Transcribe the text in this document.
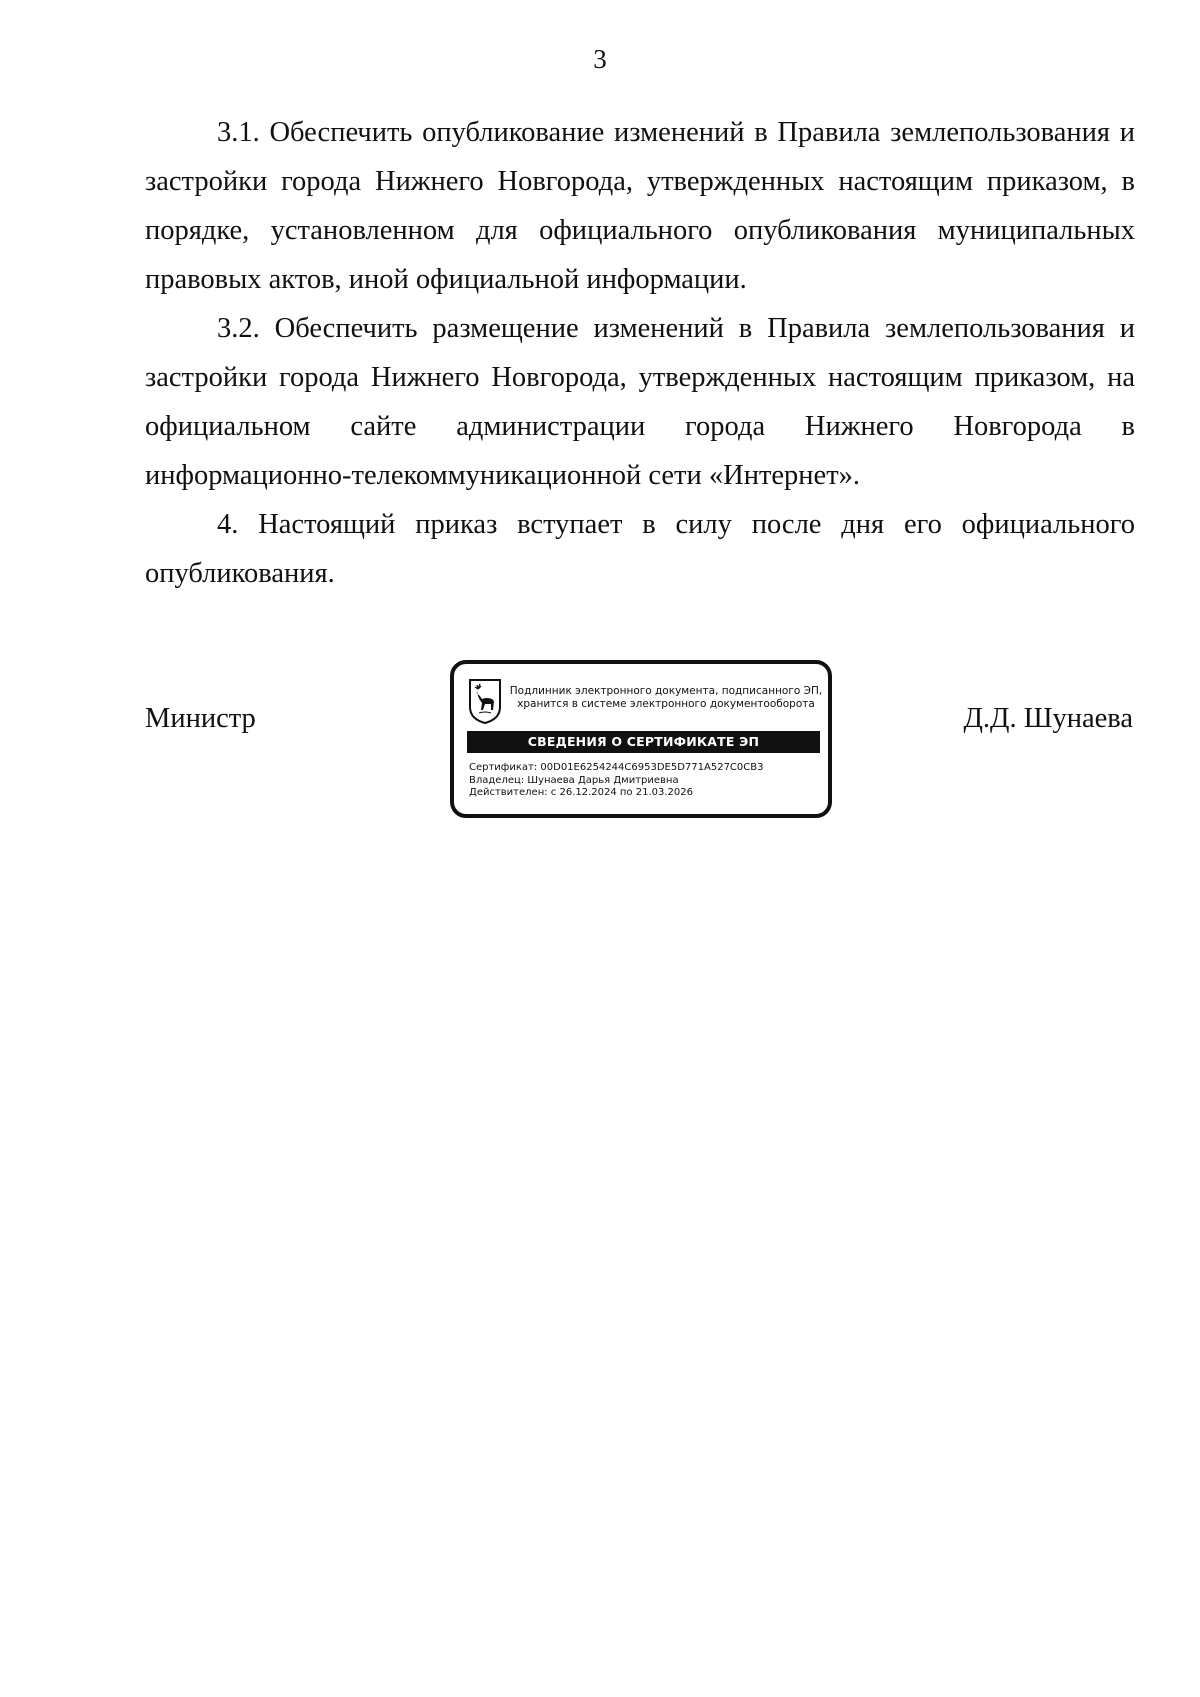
3

3.1. Обеспечить опубликование изменений в Правила землепользования и застройки города Нижнего Новгорода, утвержденных настоящим приказом, в порядке, установленном для официального опубликования муниципальных правовых актов, иной официальной информации.

3.2. Обеспечить размещение изменений в Правила землепользования и застройки города Нижнего Новгорода, утвержденных настоящим приказом, на официальном сайте администрации города Нижнего Новгорода в информационно-телекоммуникационной сети «Интернет».

4. Настоящий приказ вступает в силу после дня его официального опубликования.

Министр
Подлинник электронного документа, подписанного ЭП,
хранится в системе электронного документооборота
СВЕДЕНИЯ О СЕРТИФИКАТЕ ЭП
Сертификат: 00D01E6254244C6953DE5D771A527C0CB3
Владелец: Шунаева Дарья Дмитриевна
Действителен: с 26.12.2024 по 21.03.2026
Д.Д. Шунаева
